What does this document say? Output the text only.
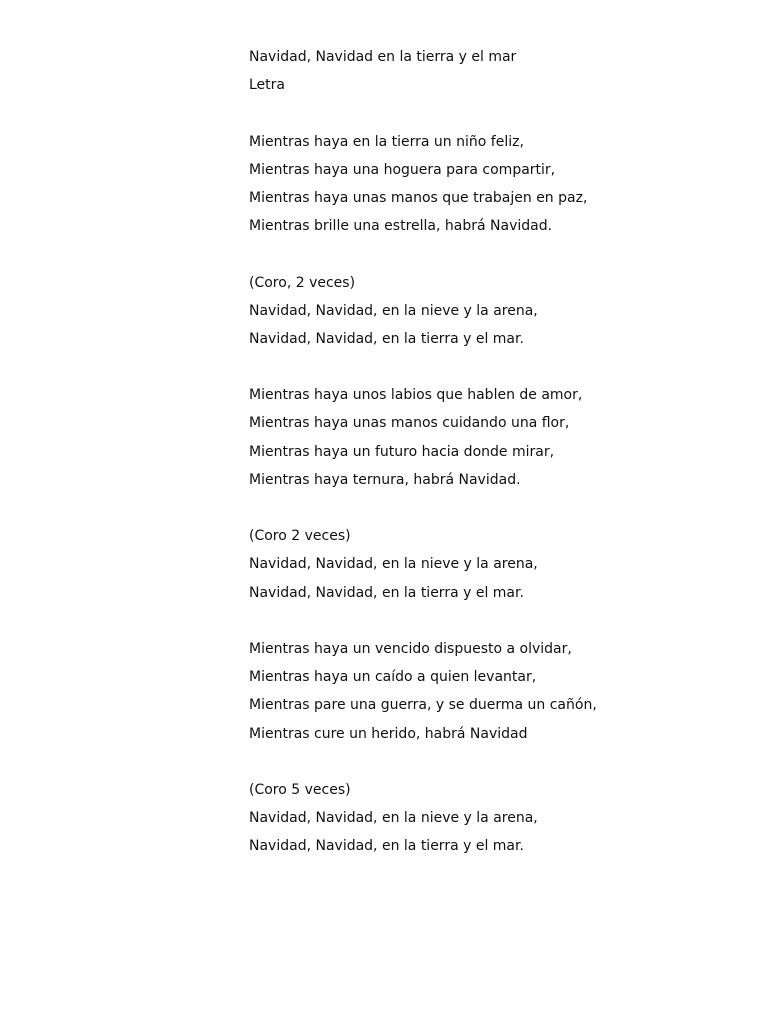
Navidad, Navidad en la tierra y el mar
Letra
Mientras haya en la tierra un niño feliz,
Mientras haya una hoguera para compartir,
Mientras haya unas manos que trabajen en paz,
Mientras brille una estrella, habrá Navidad.
(Coro, 2 veces)
Navidad, Navidad, en la nieve y la arena,
Navidad, Navidad, en la tierra y el mar.
Mientras haya unos labios que hablen de amor,
Mientras haya unas manos cuidando una flor,
Mientras haya un futuro hacia donde mirar,
Mientras haya ternura, habrá Navidad.
(Coro 2 veces)
Navidad, Navidad, en la nieve y la arena,
Navidad, Navidad, en la tierra y el mar.
Mientras haya un vencido dispuesto a olvidar,
Mientras haya un caído a quien levantar,
Mientras pare una guerra, y se duerma un cañón,
Mientras cure un herido, habrá Navidad
(Coro 5 veces)
Navidad, Navidad, en la nieve y la arena,
Navidad, Navidad, en la tierra y el mar.
